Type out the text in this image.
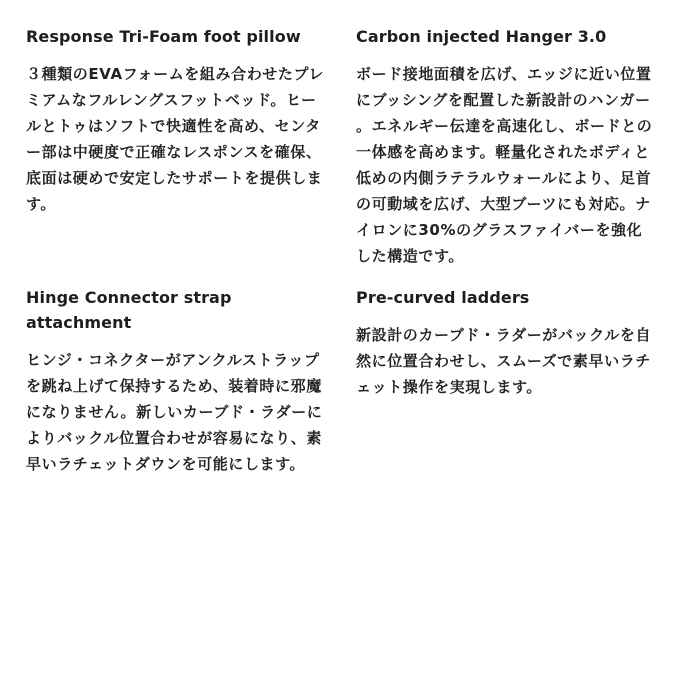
Response Tri-Foam foot pillow

３種類のEVAフォームを組み合わせたプレミアムなフルレングスフットベッド。ヒールとトゥはソフトで快適性を高め、センター部は中硬度で正確なレスポンスを確保、底面は硬めで安定したサポートを提供します。

Carbon injected Hanger 3.0

ボード接地面積を広げ、エッジに近い位置にブッシングを配置した新設計のハンガー。エネルギー伝達を高速化し、ボードとの一体感を高めます。軽量化されたボディと低めの内側ラテラルウォールにより、足首の可動域を広げ、大型ブーツにも対応。ナイロンに30%のグラスファイバーを強化した構造です。

Hinge Connector strap attachment

ヒンジ・コネクターがアンクルストラップを跳ね上げて保持するため、装着時に邪魔になりません。新しいカーブド・ラダーによりバックル位置合わせが容易になり、素早いラチェットダウンを可能にします。

Pre-curved ladders

新設計のカーブド・ラダーがバックルを自然に位置合わせし、スムーズで素早いラチェット操作を実現します。
